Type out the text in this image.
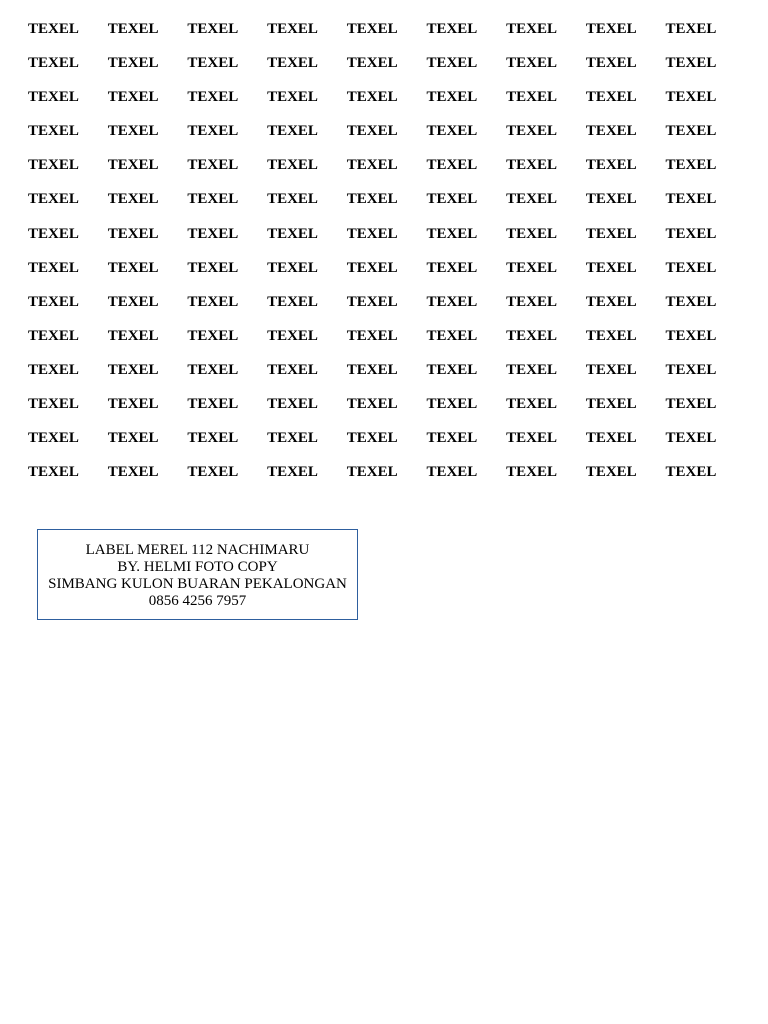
TEXEL	TEXEL	TEXEL	TEXEL	TEXEL	TEXEL	TEXEL	TEXEL	TEXEL
TEXEL	TEXEL	TEXEL	TEXEL	TEXEL	TEXEL	TEXEL	TEXEL	TEXEL
TEXEL	TEXEL	TEXEL	TEXEL	TEXEL	TEXEL	TEXEL	TEXEL	TEXEL
TEXEL	TEXEL	TEXEL	TEXEL	TEXEL	TEXEL	TEXEL	TEXEL	TEXEL
TEXEL	TEXEL	TEXEL	TEXEL	TEXEL	TEXEL	TEXEL	TEXEL	TEXEL
TEXEL	TEXEL	TEXEL	TEXEL	TEXEL	TEXEL	TEXEL	TEXEL	TEXEL
TEXEL	TEXEL	TEXEL	TEXEL	TEXEL	TEXEL	TEXEL	TEXEL	TEXEL
TEXEL	TEXEL	TEXEL	TEXEL	TEXEL	TEXEL	TEXEL	TEXEL	TEXEL
TEXEL	TEXEL	TEXEL	TEXEL	TEXEL	TEXEL	TEXEL	TEXEL	TEXEL
TEXEL	TEXEL	TEXEL	TEXEL	TEXEL	TEXEL	TEXEL	TEXEL	TEXEL
TEXEL	TEXEL	TEXEL	TEXEL	TEXEL	TEXEL	TEXEL	TEXEL	TEXEL
TEXEL	TEXEL	TEXEL	TEXEL	TEXEL	TEXEL	TEXEL	TEXEL	TEXEL
TEXEL	TEXEL	TEXEL	TEXEL	TEXEL	TEXEL	TEXEL	TEXEL	TEXEL
TEXEL	TEXEL	TEXEL	TEXEL	TEXEL	TEXEL	TEXEL	TEXEL	TEXEL
LABEL MEREL 112 NACHIMARU
BY. HELMI FOTO COPY
SIMBANG KULON BUARAN PEKALONGAN
0856 4256 7957
